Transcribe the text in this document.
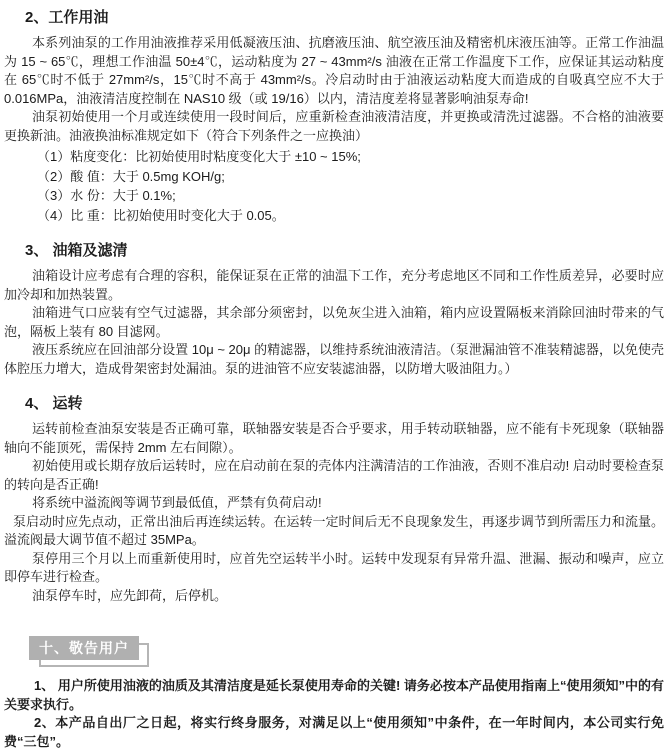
2、工作用油

本系列油泵的工作用油液推荐采用低凝液压油、抗磨液压油、航空液压油及精密机床液压油等。正常工作油温为 15 ~ 65℃，理想工作油温 50±4℃，运动粘度为 27 ~ 43mm²/s 油液在正常工作温度下工作，应保证其运动粘度在 65℃时不低于 27mm²/s，15℃时不高于 43mm²/s。冷启动时由于油液运动粘度大而造成的自吸真空应不大于 0.016MPa，油液清洁度控制在 NAS10 级（或 19/16）以内，清洁度差将显著影响油泵寿命!

油泵初始使用一个月或连续使用一段时间后，应重新检查油液清洁度，并更换或清洗过滤器。不合格的油液要更换新油。油液换油标准规定如下（符合下列条件之一应换油）

（1）粘度变化：比初始使用时粘度变化大于 ±10 ~ 15%;
（2）酸 值：大于 0.5mg KOH/g;
（3）水 份：大于 0.1%;
（4）比 重：比初始使用时变化大于 0.05。
3、 油箱及滤清

油箱设计应考虑有合理的容积，能保证泵在正常的油温下工作，充分考虑地区不同和工作性质差异，必要时应加冷却和加热装置。

油箱进气口应装有空气过滤器，其余部分须密封，以免灰尘进入油箱，箱内应设置隔板来消除回油时带来的气泡，隔板上装有 80 目滤网。

液压系统应在回油部分设置 10μ ~ 20μ 的精滤器，以维持系统油液清洁。（泵泄漏油管不准装精滤器，以免使壳体腔压力增大，造成骨架密封处漏油。泵的进油管不应安装滤油器，以防增大吸油阻力。）

4、 运转

运转前检查油泵安装是否正确可靠，联轴器安装是否合乎要求，用手转动联轴器，应不能有卡死现象（联轴器轴向不能顶死，需保持 2mm 左右间隙）。

初始使用或长期存放后运转时，应在启动前在泵的壳体内注满清洁的工作油液，否则不准启动! 启动时要检查泵的转向是否正确!

将系统中溢流阀等调节到最低值，严禁有负荷启动!

泵启动时应先点动，正常出油后再连续运转。在运转一定时间后无不良现象发生，再逐步调节到所需压力和流量。溢流阀最大调节值不超过 35MPa。

泵停用三个月以上而重新使用时，应首先空运转半小时。运转中发现泵有异常升温、泄漏、振动和噪声，应立即停车进行检查。

油泵停车时，应先卸荷，后停机。

十、敬告用户

1、 用户所使用油液的油质及其清洁度是延长泵使用寿命的关键! 请务必按本产品使用指南上“使用须知”中的有关要求执行。

2、本产品自出厂之日起，将实行终身服务，对满足以上“使用须知”中条件，在一年时间内，本公司实行免费“三包”。
